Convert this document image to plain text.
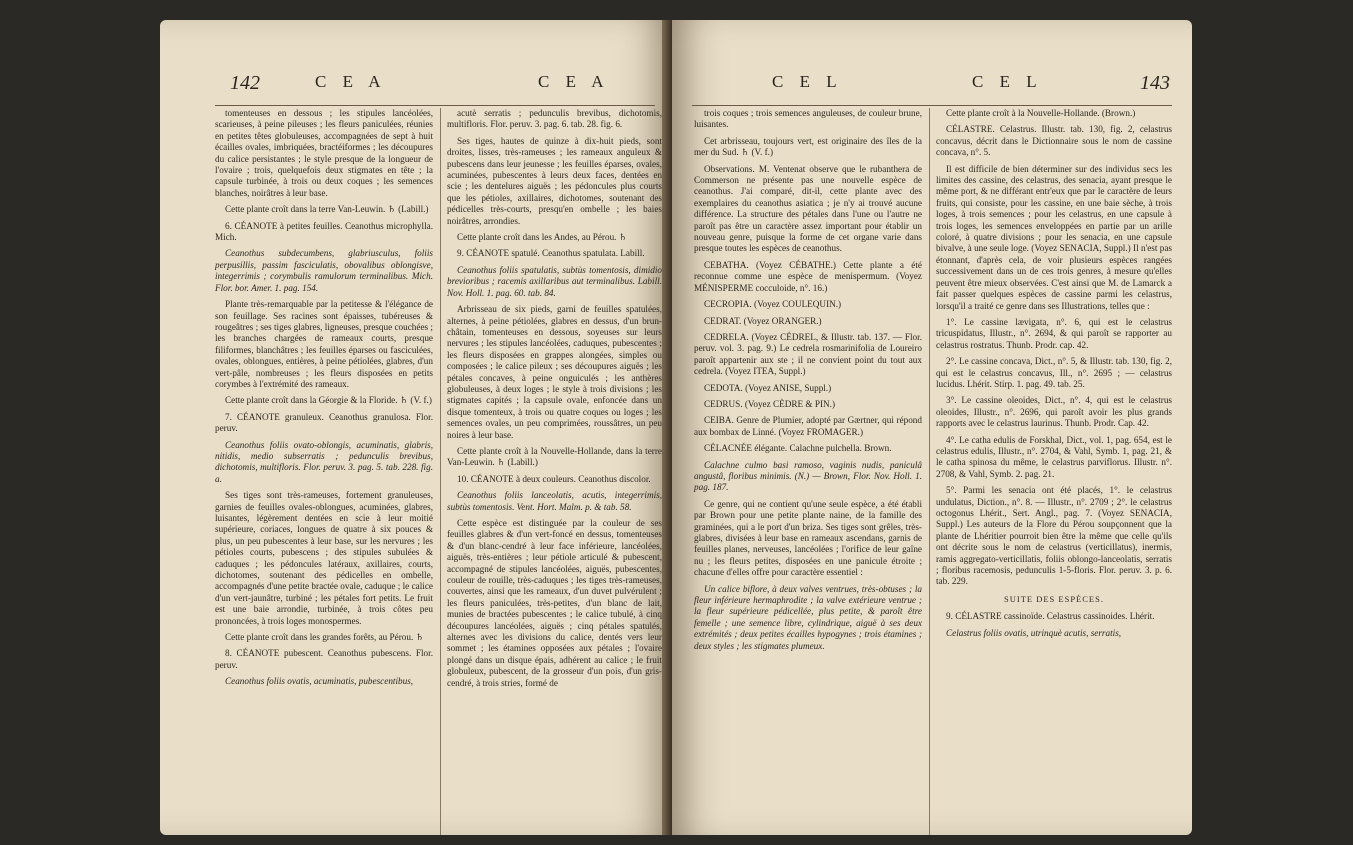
142	C E A	C E A

tomenteuses en dessous ; les stipules lancéolées, scarieuses, à peine pileuses ; les fleurs paniculées, réunies en petites têtes globuleuses, accompagnées de sept à huit écailles ovales, imbriquées, bractéiformes ; les découpures du calice persistantes ; le style presque de la longueur de l'ovaire ; trois, quelquefois deux stigmates en tête ; la capsule turbinée, à trois ou deux coques ; les semences blanches, noirâtres à leur base.

Cette plante croît dans la terre Van-Leuwin. ♄ (Labill.)

6. CÉANOTE à petites feuilles. Ceanothus microphylla. Mich.

Ceanothus subdecumbens, glabriusculus, foliis perpusillis, passim fasciculatis, obovalibus oblongisve, integerrimis ; corymbulis ramulorum terminalibus. Mich. Flor. bor. Amer. 1. pag. 154.

Plante très-remarquable par la petitesse & l'élégance de son feuillage. Ses racines sont épaisses, tubéreuses & rougeâtres ; ses tiges glabres, ligneuses, presque couchées ; les branches chargées de rameaux courts, presque filiformes, blanchâtres ; les feuilles éparses ou fasciculées, ovales, oblongues, entières, à peine pétiolées, glabres, d'un vert-pâle, nombreuses ; les fleurs disposées en petits corymbes à l'extrémité des rameaux.

Cette plante croît dans la Géorgie & la Floride. ♄ (V. f.)

7. CÉANOTE granuleux. Ceanothus granulosa. Flor. peruv.

Ceanothus foliis ovato-oblongis, acuminatis, glabris, nitidis, medio subserratis ; pedunculis brevibus, dichotomis, multifloris. Flor. peruv. 3. pag. 5. tab. 228. fig. a.

Ses tiges sont très-rameuses, fortement granuleuses, garnies de feuilles ovales-oblongues, acuminées, glabres, luisantes, légèrement dentées en scie à leur moitié supérieure, coriaces, longues de quatre à six pouces & plus, un peu pubescentes à leur base, sur les nervures ; les pétioles courts, pubescens ; des stipules subulées & caduques ; les pédoncules latéraux, axillaires, courts, dichotomes, soutenant des pédicelles en ombelle, accompagnés d'une petite bractée ovale, caduque ; le calice d'un vert-jaunâtre, turbiné ; les pétales fort petits. Le fruit est une baie arrondie, turbinée, à trois côtes peu prononcées, à trois loges monospermes.

Cette plante croît dans les grandes forêts, au Pérou. ♄

8. CÉANOTE pubescent. Ceanothus pubescens. Flor. peruv.

Ceanothus foliis ovatis, acuminatis, pubescentibus,

acutè serratis ; pedunculis brevibus, dichotomis, multifloris. Flor. peruv. 3. pag. 6. tab. 28. fig. 6.

Ses tiges, hautes de quinze à dix-huit pieds, sont droites, lisses, très-rameuses ; les rameaux anguleux & pubescens dans leur jeunesse ; les feuilles éparses, ovales, acuminées, pubescentes à leurs deux faces, dentées en scie ; les dentelures aiguës ; les pédoncules plus courts que les pétioles, axillaires, dichotomes, soutenant des pédicelles très-courts, presqu'en ombelle ; les baies noirâtres, arrondies.

Cette plante croît dans les Andes, au Pérou. ♄

9. CÉANOTE spatulé. Ceanothus spatulata. Labill.

Ceanothus foliis spatulatis, subtùs tomentosis, dimidio brevioribus ; racemis axillaribus aut terminalibus. Labill. Nov. Holl. 1. pag. 60. tab. 84.

Arbrisseau de six pieds, garni de feuilles spatulées, alternes, à peine pétiolées, glabres en dessus, d'un brun-châtain, tomenteuses en dessous, soyeuses sur leurs nervures ; les stipules lancéolées, caduques, pubescentes ; les fleurs disposées en grappes alongées, simples ou composées ; le calice pileux ; ses découpures aiguës ; les pétales concaves, à peine onguiculés ; les anthères globuleuses, à deux loges ; le style à trois divisions ; les stigmates capités ; la capsule ovale, enfoncée dans un disque tomenteux, à trois ou quatre coques ou loges ; les semences ovales, un peu comprimées, roussâtres, un peu noires à leur base.

Cette plante croît à la Nouvelle-Hollande, dans la terre Van-Leuwin. ♄ (Labill.)

10. CÉANOTE à deux couleurs. Ceanothus discolor.

Ceanothus foliis lanceolatis, acutis, integerrimis, subtùs tomentosis. Vent. Hort. Malm. p. & tab. 58.

Cette espèce est distinguée par la couleur de ses feuilles glabres & d'un vert-foncé en dessus, tomenteuses & d'un blanc-cendré à leur face inférieure, lancéolées, aiguës, très-entières ; leur pétiole articulé & pubescent, accompagné de stipules lancéolées, aiguës, pubescentes, couleur de rouille, très-caduques ; les tiges très-rameuses, couvertes, ainsi que les rameaux, d'un duvet pulvérulent ; les fleurs paniculées, très-petites, d'un blanc de lait, munies de bractées pubescentes ; le calice tubulé, à cinq découpures lancéolées, aiguës ; cinq pétales spatulés, alternes avec les divisions du calice, dentés vers leur sommet ; les étamines opposées aux pétales ; l'ovaire plongé dans un disque épais, adhérent au calice ; le fruit globuleux, pubescent, de la grosseur d'un pois, d'un gris-cendré, à trois stries, formé de

C E L	C E L	143

trois coques ; trois semences anguleuses, de couleur brune, luisantes.

Cet arbrisseau, toujours vert, est originaire des îles de la mer du Sud. ♄ (V. f.)

Observations. M. Ventenat observe que le rubanthera de Commerson ne présente pas une nouvelle espèce de ceanothus. J'ai comparé, dit-il, cette plante avec des exemplaires du ceanothus asiatica ; je n'y ai trouvé aucune différence. La structure des pétales dans l'une ou l'autre ne paroît pas être un caractère assez important pour établir un nouveau genre, puisque la forme de cet organe varie dans presque toutes les espèces de ceanothus.

CEBATHA. (Voyez CÉBATHE.) Cette plante a été reconnue comme une espèce de menispermum. (Voyez MÉNISPERME cocculoide, n°. 16.)

CECROPIA. (Voyez COULEQUIN.)

CEDRAT. (Voyez ORANGER.)

CEDRELA. (Voyez CÉDREL, & Illustr. tab. 137. — Flor. peruv. vol. 3. pag. 9.) Le cedrela rosmarinifolia de Loureiro paroît appartenir aux ste ; il ne convient point du tout aux cedrela. (Voyez ITEA, Suppl.)

CEDOTA. (Voyez ANISE, Suppl.)

CEDRUS. (Voyez CÈDRE & PIN.)

CEIBA. Genre de Plumier, adopté par Gærtner, qui répond aux bombax de Linné. (Voyez FROMAGER.)

CÉLACNÉE élégante. Calachne pulchella. Brown.

Calachne culmo basi ramoso, vaginis nudis, paniculâ angustâ, floribus minimis. (N.) — Brown, Flor. Nov. Holl. 1. pag. 187.

Ce genre, qui ne contient qu'une seule espèce, a été établi par Brown pour une petite plante naine, de la famille des graminées, qui a le port d'un briza. Ses tiges sont grêles, très-glabres, divisées à leur base en rameaux ascendans, garnis de feuilles planes, nerveuses, lancéolées ; l'orifice de leur gaîne nu ; les fleurs petites, disposées en une panicule étroite ; chacune d'elles offre pour caractère essentiel :

Un calice biflore, à deux valves ventrues, très-obtuses ; la fleur inférieure hermaphrodite ; la valve extérieure ventrue ; la fleur supérieure pédicellée, plus petite, & paroît être femelle ; une semence libre, cylindrique, aiguë à ses deux extrémités ; deux petites écailles hypogynes ; trois étamines ; deux styles ; les stigmates plumeux.

Cette plante croît à la Nouvelle-Hollande. (Brown.)

CÉLASTRE. Celastrus. Illustr. tab. 130, fig. 2, celastrus concavus, décrit dans le Dictionnaire sous le nom de cassine concava, n°. 5.

Il est difficile de bien déterminer sur des individus secs les limites des cassine, des celastrus, des senacia, ayant presque le même port, & ne différant entr'eux que par le caractère de leurs fruits, qui consiste, pour les cassine, en une baie sèche, à trois loges, à trois semences ; pour les celastrus, en une capsule à trois loges, les semences enveloppées en partie par un arille coloré, à quatre divisions ; pour les senacia, en une capsule bivalve, à une seule loge. (Voyez SENACIA, Suppl.) Il n'est pas étonnant, d'après cela, de voir plusieurs espèces rangées successivement dans un de ces trois genres, à mesure qu'elles peuvent être mieux observées. C'est ainsi que M. de Lamarck a fait passer quelques espèces de cassine parmi les celastrus, lorsqu'il a traité ce genre dans ses Illustrations, telles que :

1°. Le cassine lævigata, n°. 6, qui est le celastrus tricuspidatus, Illustr., n°. 2694, & qui paroît se rapporter au celastrus rostratus. Thunb. Prodr. cap. 42.

2°. Le cassine concava, Dict., n°. 5, & Illustr. tab. 130, fig. 2, qui est le celastrus concavus, Ill., n°. 2695 ; — celastrus lucidus. Lhérit. Stirp. 1. pag. 49. tab. 25.

3°. Le cassine oleoides, Dict., n°. 4, qui est le celastrus oleoides, Illustr., n°. 2696, qui paroît avoir les plus grands rapports avec le celastrus laurinus. Thunb. Prodr. Cap. 42.

4°. Le catha edulis de Forskhal, Dict., vol. 1, pag. 654, est le celastrus edulis, Illustr., n°. 2704, & Vahl, Symb. 1, pag. 21, & le catha spinosa du même, le celastrus parviflorus. Illustr. n°. 2708, & Vahl, Symb. 2. pag. 21.

5°. Parmi les senacia ont été placés, 1°. le celastrus undulatus, Diction., n°. 8. — Illustr., n°. 2709 ; 2°. le celastrus octogonus Lhérit., Sert. Angl., pag. 7. (Voyez SENACIA, Suppl.) Les auteurs de la Flore du Pérou soupçonnent que la plante de Lhéritier pourroit bien être la même que celle qu'ils ont décrite sous le nom de celastrus (verticillatus), inermis, ramis aggregato-verticillatis, foliis oblongo-lanceolatis, serratis ; floribus racemosis, pedunculis 1-5-floris. Flor. peruv. 3. p. 6. tab. 229.

SUITE DES ESPÈCES.

9. CÉLASTRE cassinoïde. Celastrus cassinoides. Lhérit.

Celastrus foliis ovatis, utrinquè acutis, serratis,
